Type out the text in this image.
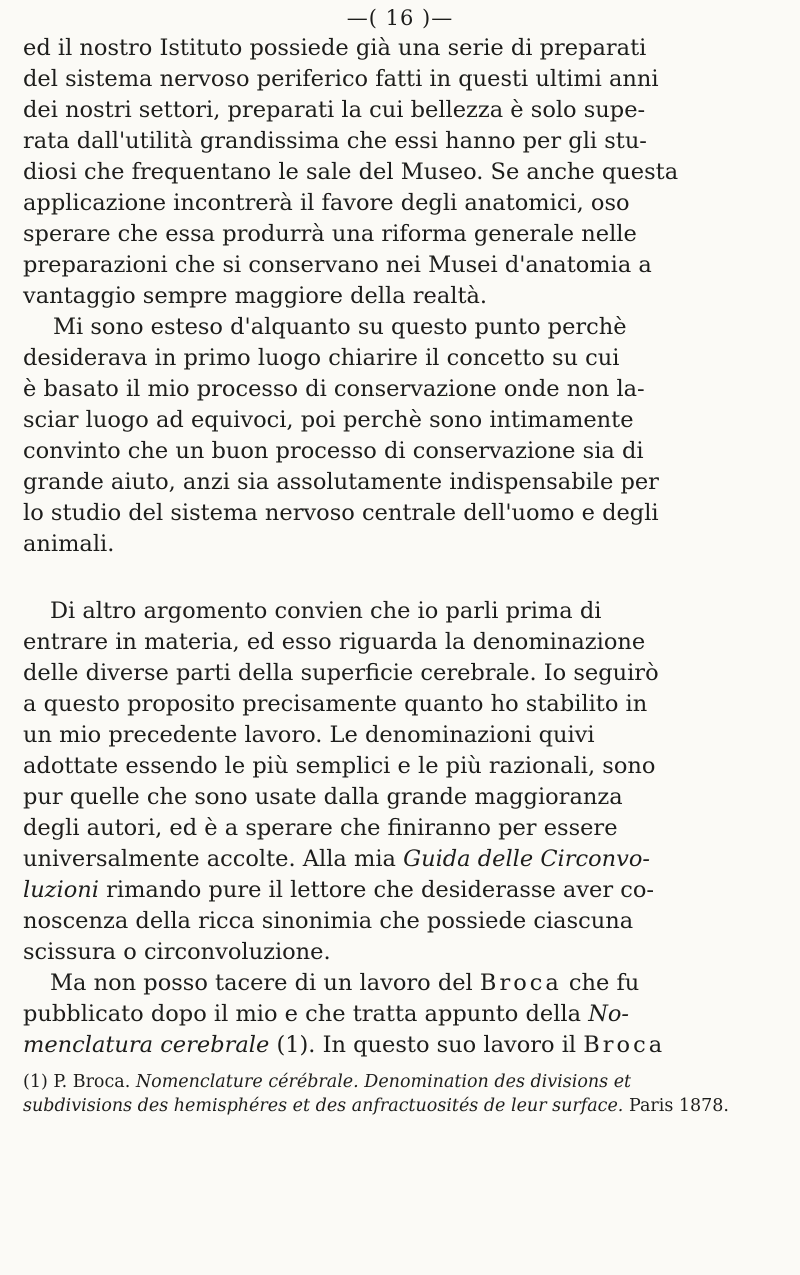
—( 16 )—
ed il nostro Istituto possiede già una serie di preparati
del sistema nervoso periferico fatti in questi ultimi anni
dei nostri settori, preparati la cui bellezza è solo supe-
rata dall'utilità grandissima che essi hanno per gli stu-
diosi che frequentano le sale del Museo. Se anche questa
applicazione incontrerà il favore degli anatomici, oso
sperare che essa produrrà una riforma generale nelle
preparazioni che si conservano nei Musei d'anatomia a
vantaggio sempre maggiore della realtà.
Mi sono esteso d'alquanto su questo punto perchè
desiderava in primo luogo chiarire il concetto su cui
è basato il mio processo di conservazione onde non la-
sciar luogo ad equivoci, poi perchè sono intimamente
convinto che un buon processo di conservazione sia di
grande aiuto, anzi sia assolutamente indispensabile per
lo studio del sistema nervoso centrale dell'uomo e degli
animali.
Di altro argomento convien che io parli prima di
entrare in materia, ed esso riguarda la denominazione
delle diverse parti della superficie cerebrale. Io seguirò
a questo proposito precisamente quanto ho stabilito in
un mio precedente lavoro. Le denominazioni quivi
adottate essendo le più semplici e le più razionali, sono
pur quelle che sono usate dalla grande maggioranza
degli autori, ed è a sperare che finiranno per essere
universalmente accolte. Alla mia Guida delle Circonvo-
luzioni rimando pure il lettore che desiderasse aver co-
noscenza della ricca sinonimia che possiede ciascuna
scissura o circonvoluzione.
Ma non posso tacere di un lavoro del Broca che fu
pubblicato dopo il mio e che tratta appunto della No-
menclatura cerebrale (1). In questo suo lavoro il Broca
(1) P. Broca. Nomenclature cérébrale. Denomination des divisions et
subdivisions des hemisphéres et des anfractuosités de leur surface. Paris 1878.
